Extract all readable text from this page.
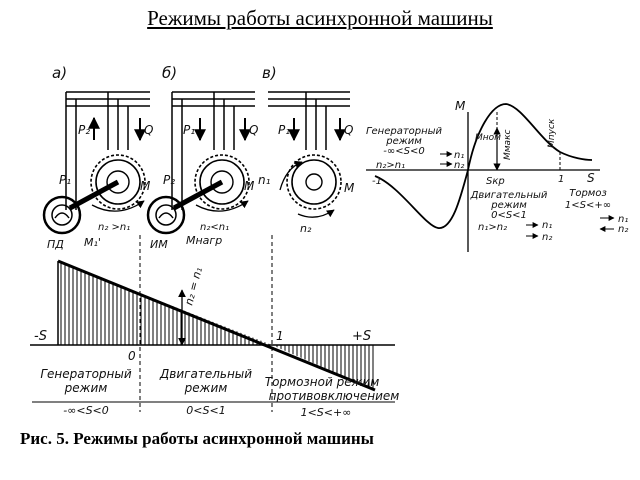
Режимы работы асинхронной машины
а)	б)	в)
P₂	Q
P₁	M
n₂ >n₁
ПД M₁'
P₁	Q
P₂	M
n₂<n₁
ИМ Mнагр
P₁	Q
n₁
M
n₂
n₂ = n₁
-S	+S
0
1
Генераторный
режим
-∞<S<0
Двигательный
режим
0<S<1
Тормозной режим
противовключением
1<S<+∞
M
S
Mном Mмакс	Mпуск
Sкр
-1	1
Генераторный
режим
-∞<S<0
n₂>n₁
n₁
n₂
Двигательный
режим
0<S<1
n₁>n₂	n₁
n₂
Тормоз
1<S<+∞
n₁
n₂
Рис. 5. Режимы работы асинхронной машины
